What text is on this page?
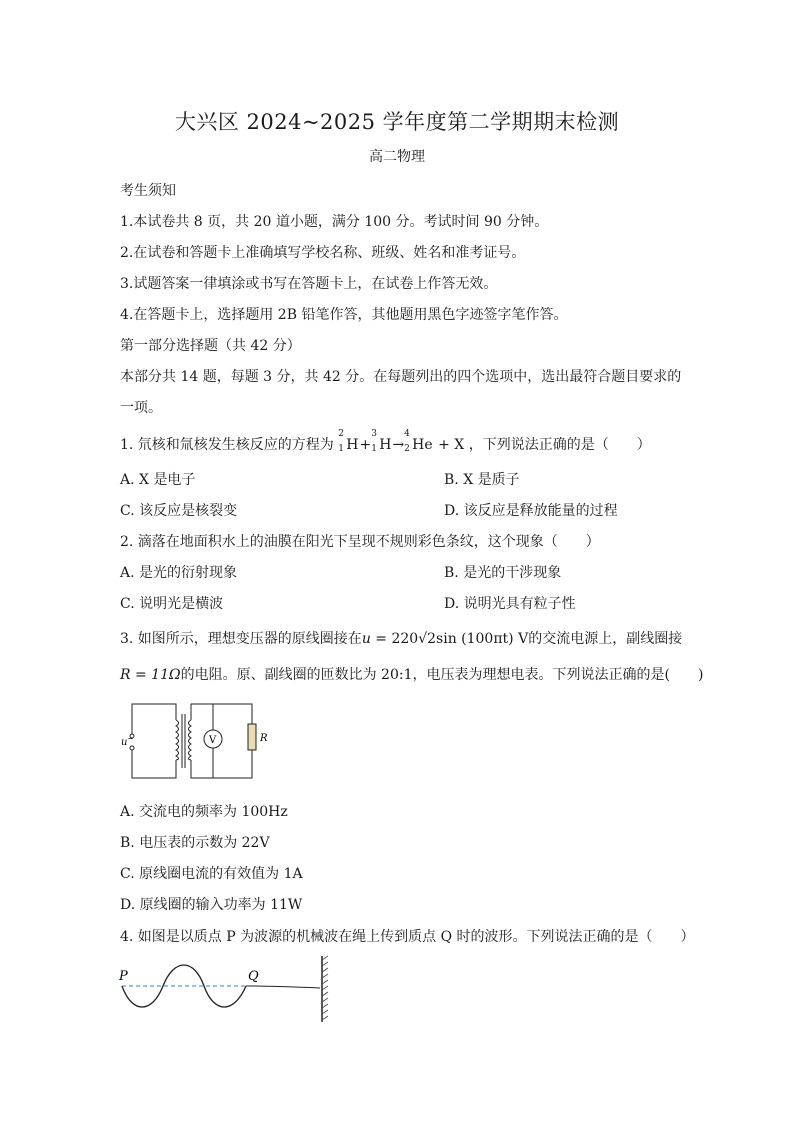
大兴区 2024~2025 学年度第二学期期末检测
高二物理
考生须知
1.本试卷共 8 页，共 20 道小题，满分 100 分。考试时间 90 分钟。
2.在试卷和答题卡上准确填写学校名称、班级、姓名和准考证号。
3.试题答案一律填涂或书写在答题卡上，在试卷上作答无效。
4.在答题卡上，选择题用 2B 铅笔作答，其他题用黑色字迹签字笔作答。
第一部分选择题（共 42 分）
本部分共 14 题，每题 3 分，共 42 分。在每题列出的四个选项中，选出最符合题目要求的
一项。
1. 氘核和氚核发生核反应的方程为
2
1 H+
3
1 H→
4
2 He + X ，下列说法正确的是（　　）
A. X 是电子	B. X 是质子
C. 该反应是核裂变	D. 该反应是释放能量的过程
2. 滴落在地面积水上的油膜在阳光下呈现不规则彩色条纹，这个现象（　　）
A. 是光的衍射现象	B. 是光的干涉现象
C. 说明光是横波	D. 说明光具有粒子性
3. 如图所示，理想变压器的原线圈接在u = 220√2sin (100πt) V的交流电源上，副线圈接
R = 11Ω的电阻。原、副线圈的匝数比为 20:1，电压表为理想电表。下列说法正确的是(　　)
u ~	V	R
A. 交流电的频率为 100Hz
B. 电压表的示数为 22V
C. 原线圈电流的有效值为 1A
D. 原线圈的输入功率为 11W
4. 如图是以质点 P 为波源的机械波在绳上传到质点 Q 时的波形。下列说法正确的是（　　）
P	Q
